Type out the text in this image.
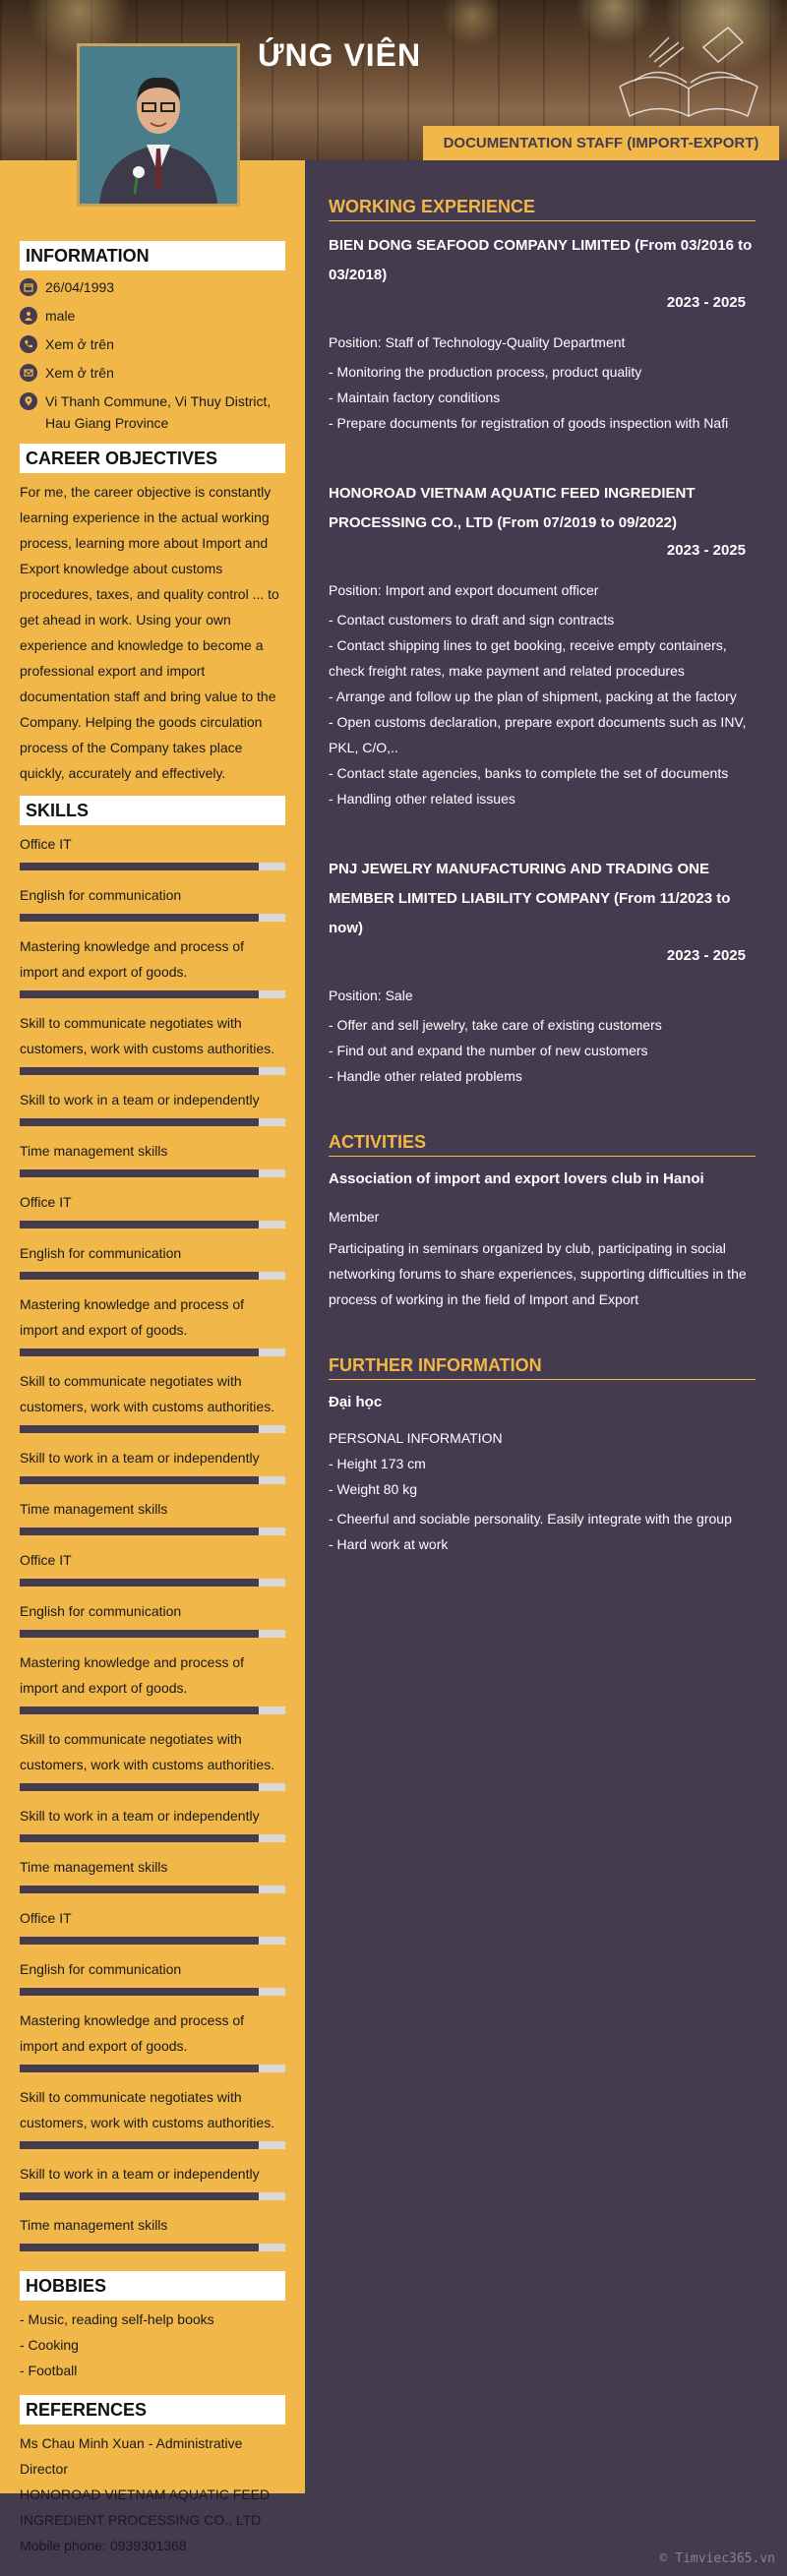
ỨNG VIÊN
DOCUMENTATION STAFF (IMPORT-EXPORT)
INFORMATION
26/04/1993
male
Xem ở trên
Xem ở trên
Vi Thanh Commune, Vi Thuy District, Hau Giang Province
CAREER OBJECTIVES
For me, the career objective is constantly learning experience in the actual working process, learning more about Import and Export knowledge about customs procedures, taxes, and quality control ... to get ahead in work. Using your own experience and knowledge to become a professional export and import documentation staff and bring value to the Company. Helping the goods circulation process of the Company takes place quickly, accurately and effectively.
SKILLS
Office IT
English for communication
Mastering knowledge and process of import and export of goods.
Skill to communicate negotiates with customers, work with customs authorities.
Skill to work in a team or independently
Time management skills
Office IT
English for communication
Mastering knowledge and process of import and export of goods.
Skill to communicate negotiates with customers, work with customs authorities.
Skill to work in a team or independently
Time management skills
Office IT
English for communication
Mastering knowledge and process of import and export of goods.
Skill to communicate negotiates with customers, work with customs authorities.
Skill to work in a team or independently
Time management skills
Office IT
English for communication
Mastering knowledge and process of import and export of goods.
Skill to communicate negotiates with customers, work with customs authorities.
Skill to work in a team or independently
Time management skills
HOBBIES
- Music, reading self-help books
- Cooking
- Football
REFERENCES
Ms Chau Minh Xuan - Administrative Director
HONOROAD VIETNAM AQUATIC FEED INGREDIENT PROCESSING CO., LTD
Mobile phone: 0939301368
WORKING EXPERIENCE
BIEN DONG SEAFOOD COMPANY LIMITED (From 03/2016 to 03/2018)
2023 - 2025
Position: Staff of Technology-Quality Department
- Monitoring the production process, product quality
- Maintain factory conditions
- Prepare documents for registration of goods inspection with Nafi
HONOROAD VIETNAM AQUATIC FEED INGREDIENT PROCESSING CO., LTD (From 07/2019 to 09/2022)
2023 - 2025
Position: Import and export document officer
- Contact customers to draft and sign contracts
- Contact shipping lines to get booking, receive empty containers,
check freight rates, make payment and related procedures
- Arrange and follow up the plan of shipment, packing at the factory
- Open customs declaration, prepare export documents such as INV,
PKL, C/O,..
- Contact state agencies, banks to complete the set of documents
- Handling other related issues
PNJ JEWELRY MANUFACTURING AND TRADING ONE MEMBER LIMITED LIABILITY COMPANY (From 11/2023 to now)
2023 - 2025
Position: Sale
- Offer and sell jewelry, take care of existing customers
- Find out and expand the number of new customers
- Handle other related problems
ACTIVITIES
Association of import and export lovers club in Hanoi
Member
Participating in seminars organized by club, participating in social networking forums to share experiences, supporting difficulties in the process of working in the field of Import and Export
FURTHER INFORMATION
Đại học
PERSONAL INFORMATION
- Height 173 cm
- Weight 80 kg
- Cheerful and sociable personality. Easily integrate with the group
- Hard work at work
© Timviec365.vn
